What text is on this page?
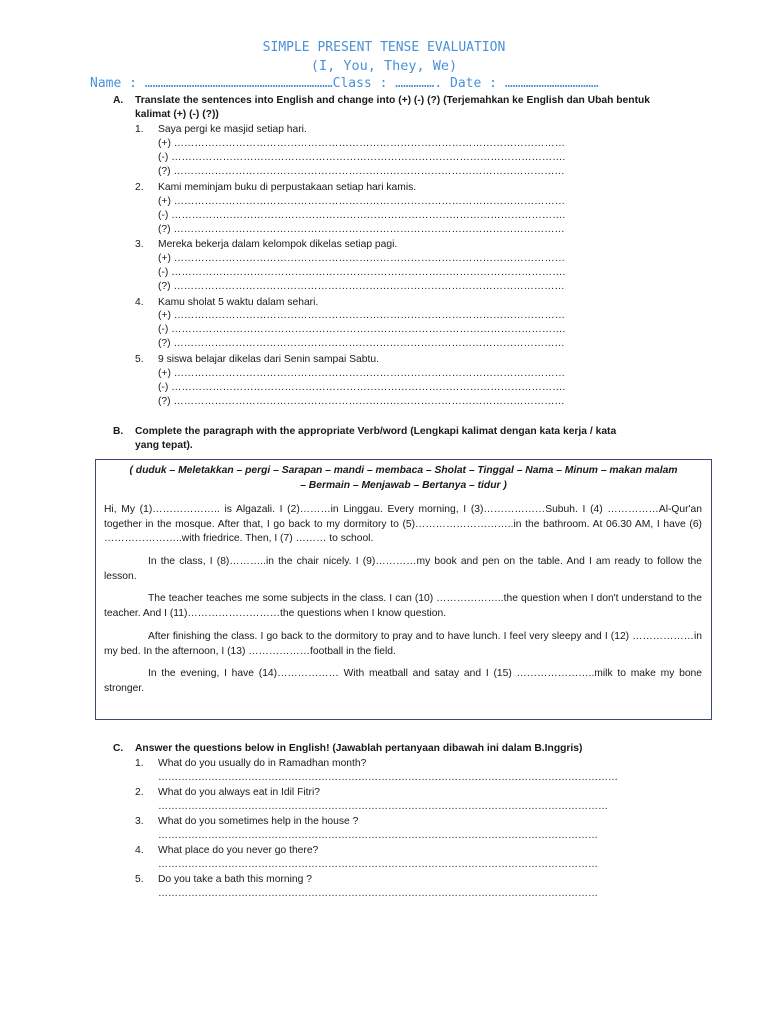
SIMPLE PRESENT TENSE EVALUATION
(I, You, They, We)
Name : ………………………………………………………………Class : ……………. Date : ………………………………
A. Translate the sentences into English and change into (+) (-) (?) (Terjemahkan ke English dan Ubah bentuk
kalimat (+) (-) (?))
1. Saya pergi ke masjid setiap hari.
(+) ……………………………………………………………………………………………………
(-) …………………………………………………………………………………………………….
(?) ……………………………………………………………………………………………………
2. Kami meminjam buku di perpustakaan setiap hari kamis.
(+) ……………………………………………………………………………………………………
(-) …………………………………………………………………………………………………….
(?) ……………………………………………………………………………………………………
3. Mereka bekerja dalam kelompok dikelas setiap pagi.
(+) ……………………………………………………………………………………………………
(-) …………………………………………………………………………………………………….
(?) ……………………………………………………………………………………………………
4. Kamu sholat 5 waktu dalam sehari.
(+) ……………………………………………………………………………………………………
(-) …………………………………………………………………………………………………….
(?) ……………………………………………………………………………………………………
5. 9 siswa belajar dikelas dari Senin sampai Sabtu.
(+) ……………………………………………………………………………………………………
(-) …………………………………………………………………………………………………….
(?) ……………………………………………………………………………………………………
B. Complete the paragraph with the appropriate Verb/word (Lengkapi kalimat dengan kata kerja / kata
yang tepat).
( duduk – Meletakkan – pergi – Sarapan – mandi – membaca – Sholat – Tinggal – Nama – Minum – makan malam
– Bermain – Menjawab – Bertanya – tidur )
Hi, My (1)……………….. is Algazali. I (2)………in Linggau. Every morning, I (3)………………Subuh. I (4) ……………Al-Qur'an together in the mosque. After that, I go back to my dormitory to (5)………………………..in the bathroom. At 06.30 AM, I have (6) …………………..with friedrice. Then, I (7) ……… to school.
In the class, I (8)………..in the chair nicely. I (9)…………my book and pen on the table. And I am ready to follow the lesson.
The teacher teaches me some subjects in the class. I can (10) ………………..the question when I don't understand to the teacher. And I (11)………………………the questions when I know question.
After finishing the class. I go back to the dormitory to pray and to have lunch. I feel very sleepy and I (12) ………………in my bed. In the afternoon, I (13) ………………football in the field.
In the evening, I have (14)……………… With meatball and satay and I (15) …………………..milk to make my bone stronger.
C. Answer the questions below in English! (Jawablah pertanyaan dibawah ini dalam B.Inggris)
1. What do you usually do in Ramadhan month?
…………………………………………………………………………………………………………………………
2. What do you always eat in Idil Fitri?
………………………………………………………………………………………………………………………
3. What do you sometimes help in the house ?
……………………………………………………………………………………………………………………
4. What place do you never go there?
……………………………………………………………………………………………………………………
5. Do you take a bath this morning ?
……………………………………………………………………………………………………………………
